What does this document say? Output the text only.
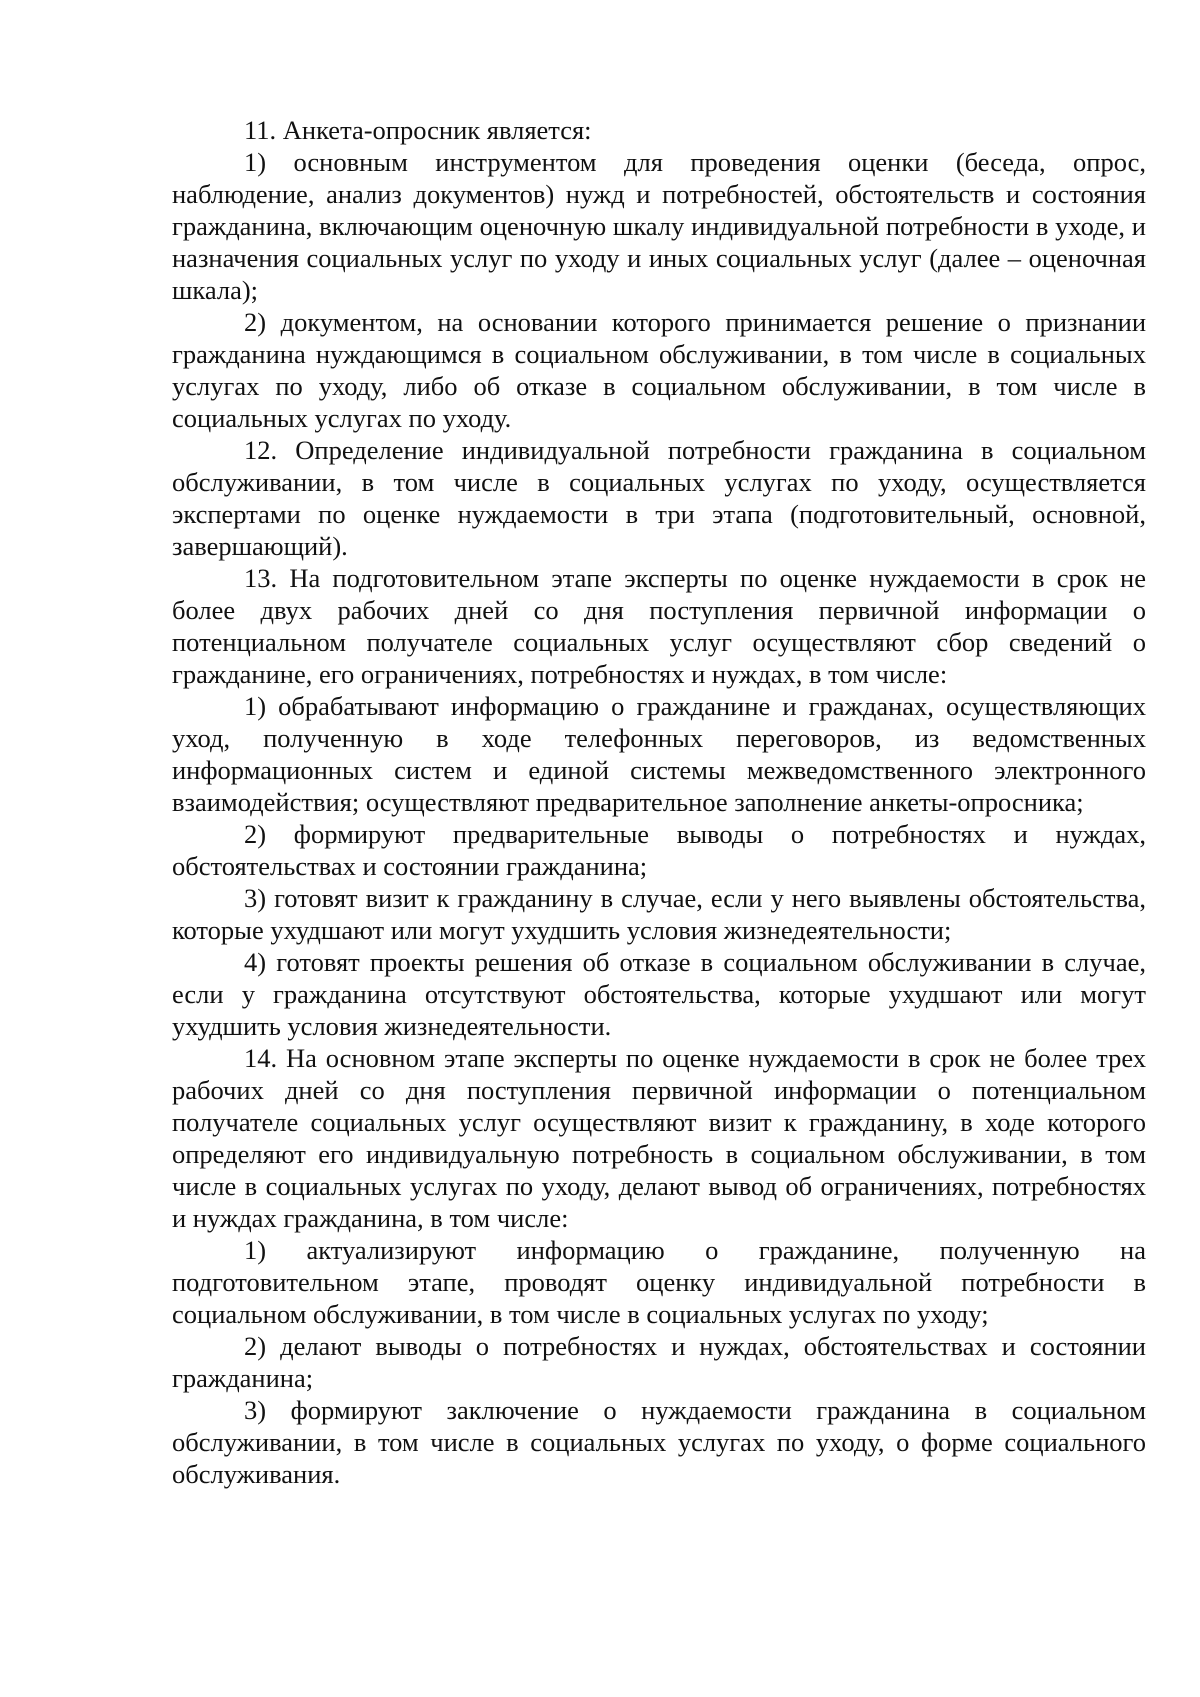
11. Анкета-опросник является:

1) основным инструментом для проведения оценки (беседа, опрос, наблюдение, анализ документов) нужд и потребностей, обстоятельств и состояния гражданина, включающим оценочную шкалу индивидуальной потребности в уходе, и назначения социальных услуг по уходу и иных социальных услуг (далее – оценочная шкала);

2) документом, на основании которого принимается решение о признании гражданина нуждающимся в социальном обслуживании, в том числе в социальных услугах по уходу, либо об отказе в социальном обслуживании, в том числе в социальных услугах по уходу.

12. Определение индивидуальной потребности гражданина в социальном обслуживании, в том числе в социальных услугах по уходу, осуществляется экспертами по оценке нуждаемости в три этапа (подготовительный, основной, завершающий).

13. На подготовительном этапе эксперты по оценке нуждаемости в срок не более двух рабочих дней со дня поступления первичной информации о потенциальном получателе социальных услуг осуществляют сбор сведений о гражданине, его ограничениях, потребностях и нуждах, в том числе:

1) обрабатывают информацию о гражданине и гражданах, осуществляющих уход, полученную в ходе телефонных переговоров, из ведомственных информационных систем и единой системы межведомственного электронного взаимодействия; осуществляют предварительное заполнение анкеты-опросника;

2) формируют предварительные выводы о потребностях и нуждах, обстоятельствах и состоянии гражданина;

3) готовят визит к гражданину в случае, если у него выявлены обстоятельства, которые ухудшают или могут ухудшить условия жизнедеятельности;

4) готовят проекты решения об отказе в социальном обслуживании в случае, если у гражданина отсутствуют обстоятельства, которые ухудшают или могут ухудшить условия жизнедеятельности.

14. На основном этапе эксперты по оценке нуждаемости в срок не более трех рабочих дней со дня поступления первичной информации о потенциальном получателе социальных услуг осуществляют визит к гражданину, в ходе которого определяют его индивидуальную потребность в социальном обслуживании, в том числе в социальных услугах по уходу, делают вывод об ограничениях, потребностях и нуждах гражданина, в том числе:

1) актуализируют информацию о гражданине, полученную на подготовительном этапе, проводят оценку индивидуальной потребности в социальном обслуживании, в том числе в социальных услугах по уходу;

2) делают выводы о потребностях и нуждах, обстоятельствах и состоянии гражданина;

3) формируют заключение о нуждаемости гражданина в социальном обслуживании, в том числе в социальных услугах по уходу, о форме социального обслуживания.
